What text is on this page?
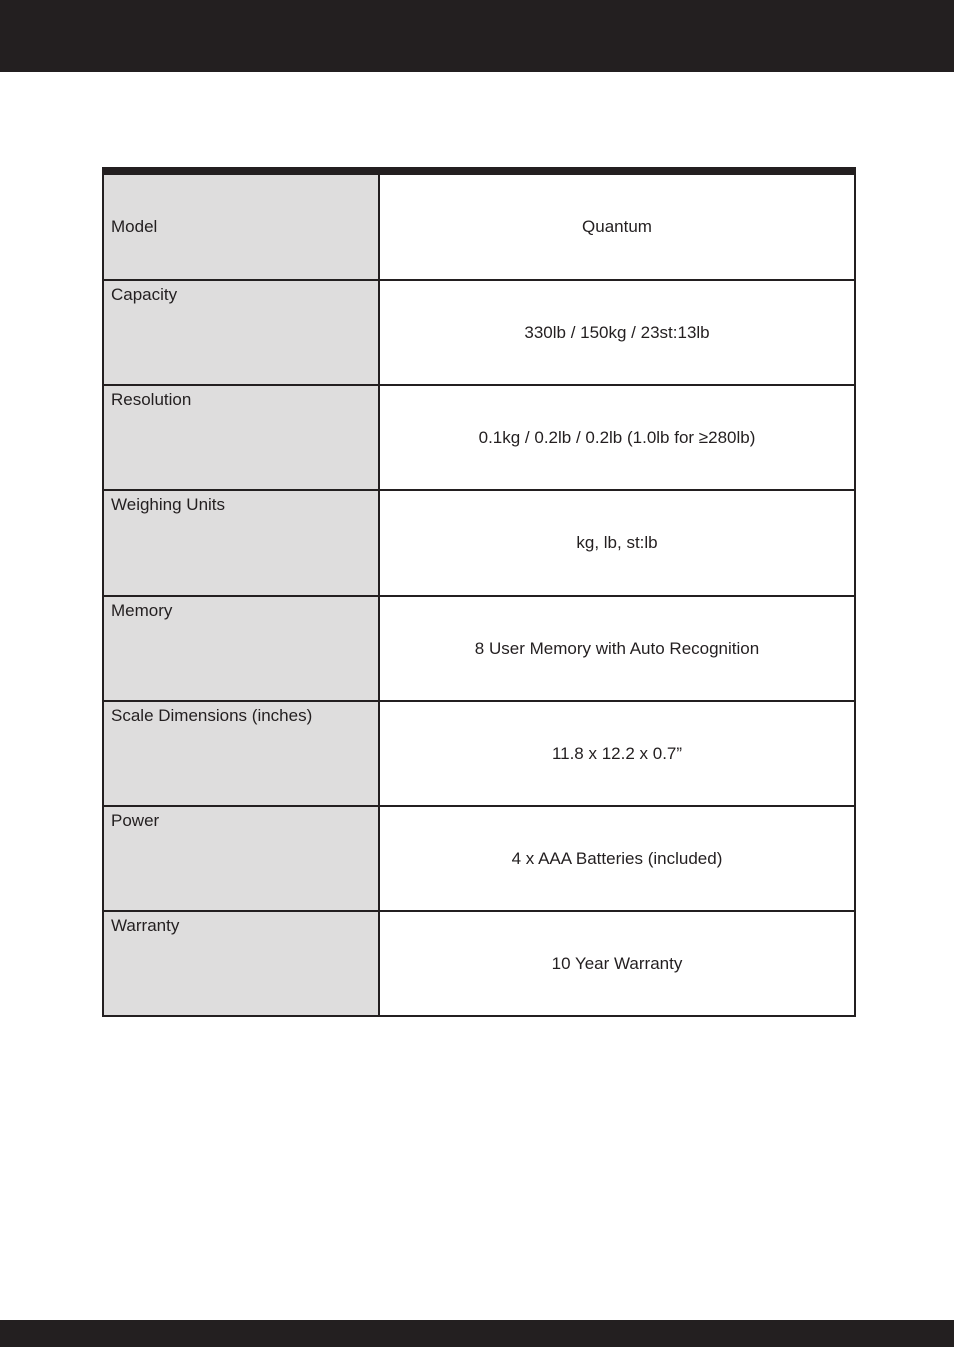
Model	Quantum
Capacity
330lb / 150kg / 23st:13lb
Resolution
0.1kg / 0.2lb / 0.2lb (1.0lb for ≥280lb)
Weighing Units
kg, lb, st:lb
Memory
8 User Memory with Auto Recognition
Scale Dimensions (inches)
11.8 x 12.2 x 0.7”
Power
4 x AAA Batteries (included)
Warranty
10 Year Warranty
